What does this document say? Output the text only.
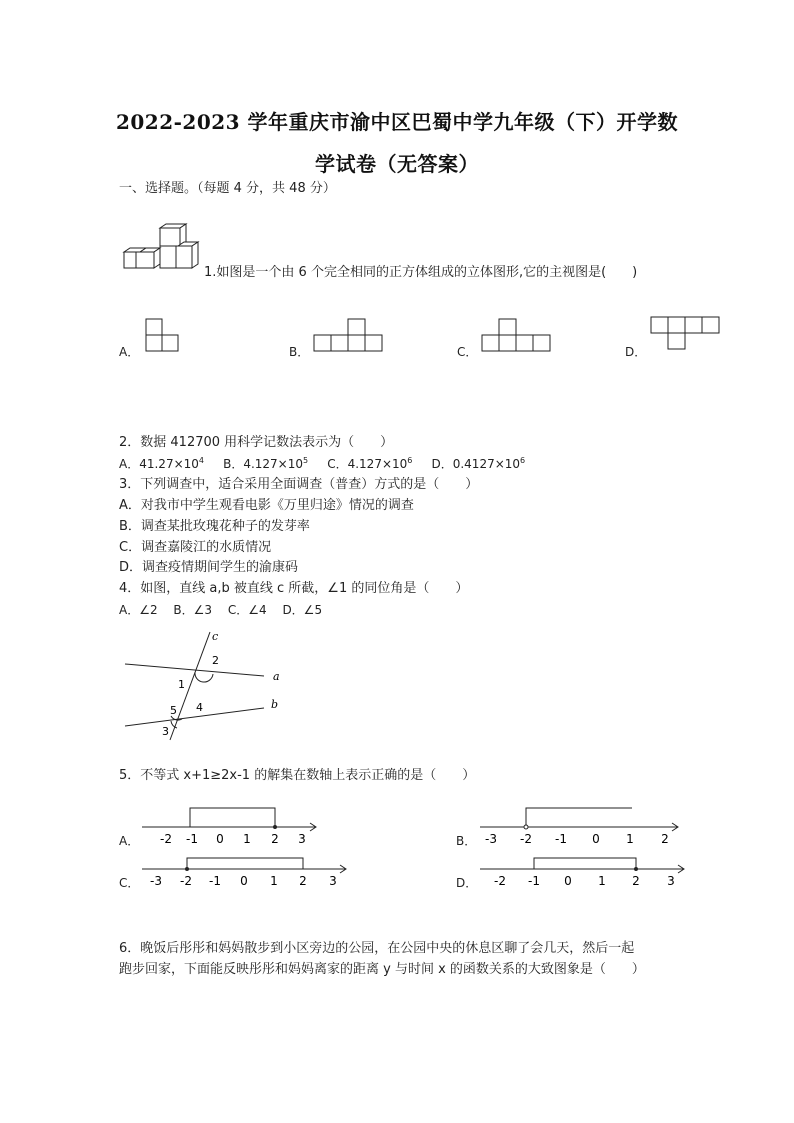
2022-2023 学年重庆市渝中区巴蜀中学九年级（下）开学数
学试卷（无答案）
一、选择题。（每题 4 分，共 48 分）
1.如图是一个由 6 个完全相同的正方体组成的立体图形,它的主视图是(　　)
A．	B．	C．	D．
2．数据 412700 用科学记数法表示为（　　）
A．$41.27\times 10^4$ B．$4.127\times 10^5$ C．$4.127\times 10^6$ D．$0.4127\times 10^6$
3．下列调查中，适合采用全面调查（普查）方式的是（　　）
A．对我市中学生观看电影《万里归途》情况的调查
B．调查某批玫瑰花种子的发芽率
C．调查嘉陵江的水质情况
D．调查疫情期间学生的渝康码
4．如图，直线 a,b 被直线 c 所截，∠1 的同位角是（　　）
A．∠2　 B．∠3　 C．∠4　 D．∠5
c
2
a
1
b
5 4
3
5．不等式 x+1≥2x-1 的解集在数轴上表示正确的是（　　）
A． -2 -1 0 1 2 3	B． -3 -2 -1 0 1 2
C． -3 -2 -1 0 1 2 3	D． -2 -1 0 1 2 3
6．晚饭后彤彤和妈妈散步到小区旁边的公园，在公园中央的休息区聊了会几天，然后一起
跑步回家，下面能反映彤彤和妈妈离家的距离 y 与时间 x 的函数关系的大致图象是（　　）
